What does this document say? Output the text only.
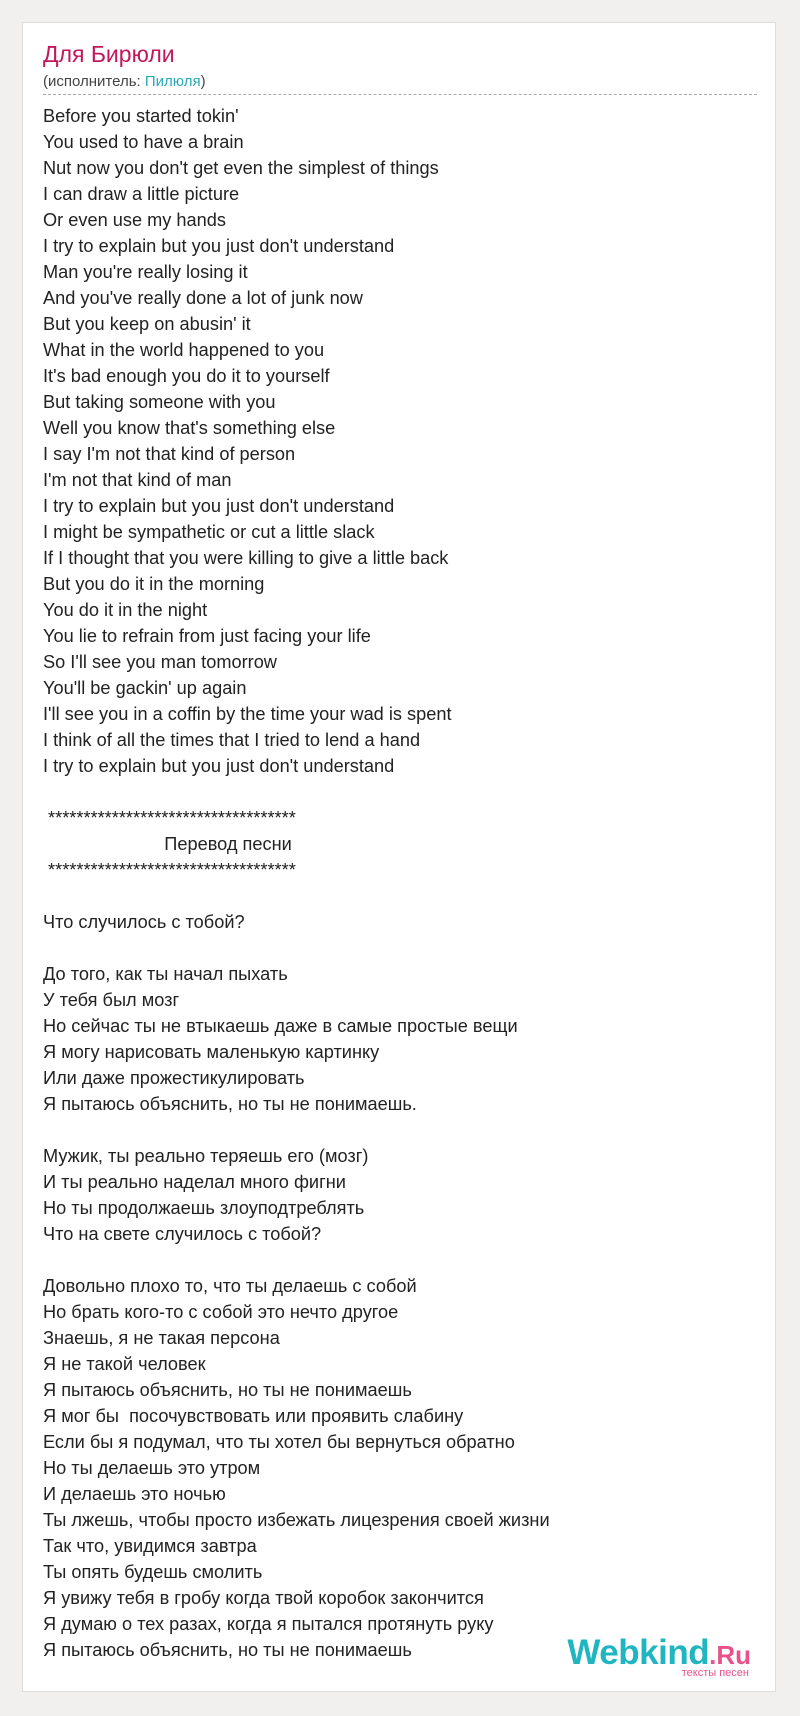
Для Бирюли
(исполнитель: Пилюля)
Before you started tokin'
You used to have a brain
Nut now you don't get even the simplest of things
I can draw a little picture
Or even use my hands
I try to explain but you just don't understand
Man you're really losing it
And you've really done a lot of junk now
But you keep on abusin' it
What in the world happened to you
It's bad enough you do it to yourself
But taking someone with you
Well you know that's something else
I say I'm not that kind of person
I'm not that kind of man
I try to explain but you just don't understand
I might be sympathetic or cut a little slack
If I thought that you were killing to give a little back
But you do it in the morning
You do it in the night
You lie to refrain from just facing your life
So I'll see you man tomorrow
You'll be gackin' up again
I'll see you in a coffin by the time your wad is spent
I think of all the times that I tried to lend a hand
I try to explain but you just don't understand
***********************************
Перевод песни
***********************************
Что случилось с тобой?
До того, как ты начал пыхать
У тебя был мозг
Но сейчас ты не втыкаешь даже в самые простые вещи
Я могу нарисовать маленькую картинку
Или даже прожестикулировать
Я пытаюсь объяснить, но ты не понимаешь.
Мужик, ты реально теряешь его (мозг)
И ты реально наделал много фигни
Но ты продолжаешь злоуподтреблять
Что на свете случилось с тобой?
Довольно плохо то, что ты делаешь с собой
Но брать кого-то с собой это нечто другое
Знаешь, я не такая персона
Я не такой человек
Я пытаюсь объяснить, но ты не понимаешь
Я мог бы  посочувствовать или проявить слабину
Если бы я подумал, что ты хотел бы вернуться обратно
Но ты делаешь это утром
И делаешь это ночью
Ты лжешь, чтобы просто избежать лицезрения своей жизни
Так что, увидимся завтра
Ты опять будешь смолить
Я увижу тебя в гробу когда твой коробок закончится
Я думаю о тех разах, когда я пытался протянуть руку
Я пытаюсь объяснить, но ты не понимаешь	Webkind.Ru
тексты песен
